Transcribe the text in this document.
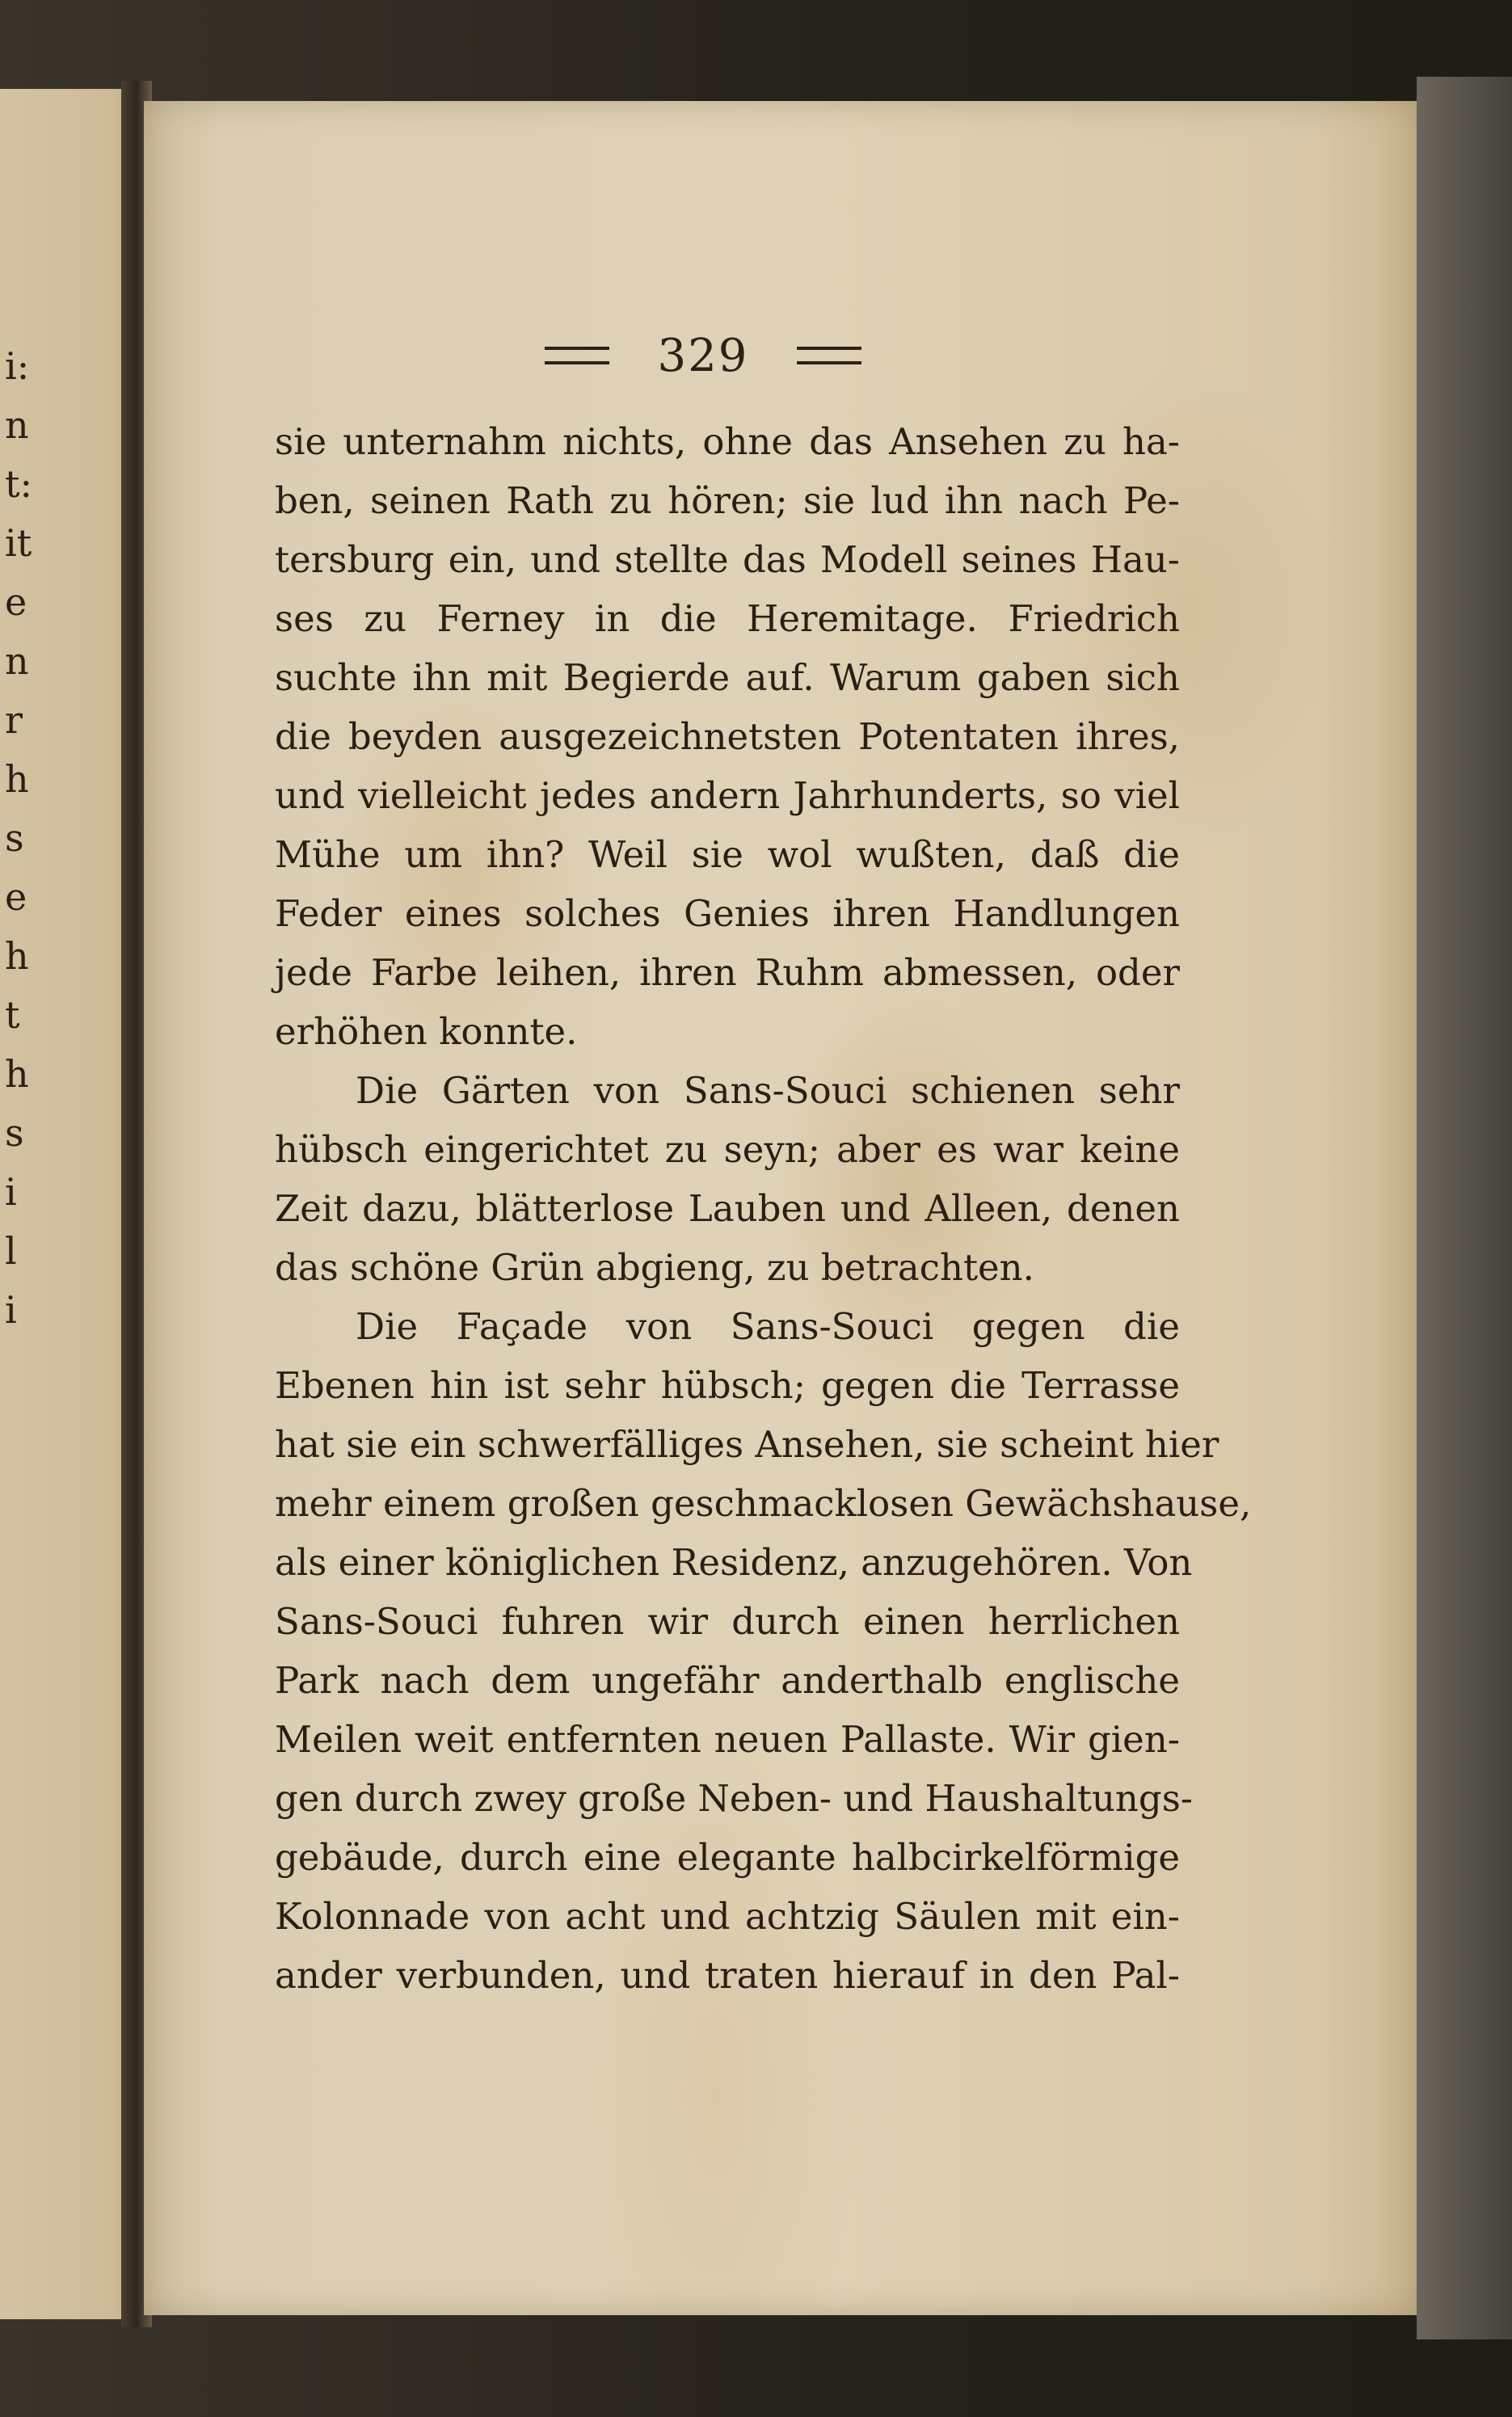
i:
n
t:
it
e
n
r
h
s
e
h
t
h
s
i
l
i
329
sie unternahm nichts, ohne das Ansehen zu ha-
ben, seinen Rath zu hören; sie lud ihn nach Pe-
tersburg ein, und stellte das Modell seines Hau-
ses zu Ferney in die Heremitage. Friedrich
suchte ihn mit Begierde auf. Warum gaben sich
die beyden ausgezeichnetsten Potentaten ihres,
und vielleicht jedes andern Jahrhunderts, so viel
Mühe um ihn? Weil sie wol wußten, daß die
Feder eines solches Genies ihren Handlungen
jede Farbe leihen, ihren Ruhm abmessen, oder
erhöhen konnte.
Die Gärten von Sans-Souci schienen sehr
hübsch eingerichtet zu seyn; aber es war keine
Zeit dazu, blätterlose Lauben und Alleen, denen
das schöne Grün abgieng, zu betrachten.
Die Façade von Sans-Souci gegen die
Ebenen hin ist sehr hübsch; gegen die Terrasse
hat sie ein schwerfälliges Ansehen, sie scheint hier
mehr einem großen geschmacklosen Gewächshause,
als einer königlichen Residenz, anzugehören. Von
Sans-Souci fuhren wir durch einen herrlichen
Park nach dem ungefähr anderthalb englische
Meilen weit entfernten neuen Pallaste. Wir gien-
gen durch zwey große Neben- und Haushaltungs-
gebäude, durch eine elegante halbcirkelförmige
Kolonnade von acht und achtzig Säulen mit ein-
ander verbunden, und traten hierauf in den Pal-
